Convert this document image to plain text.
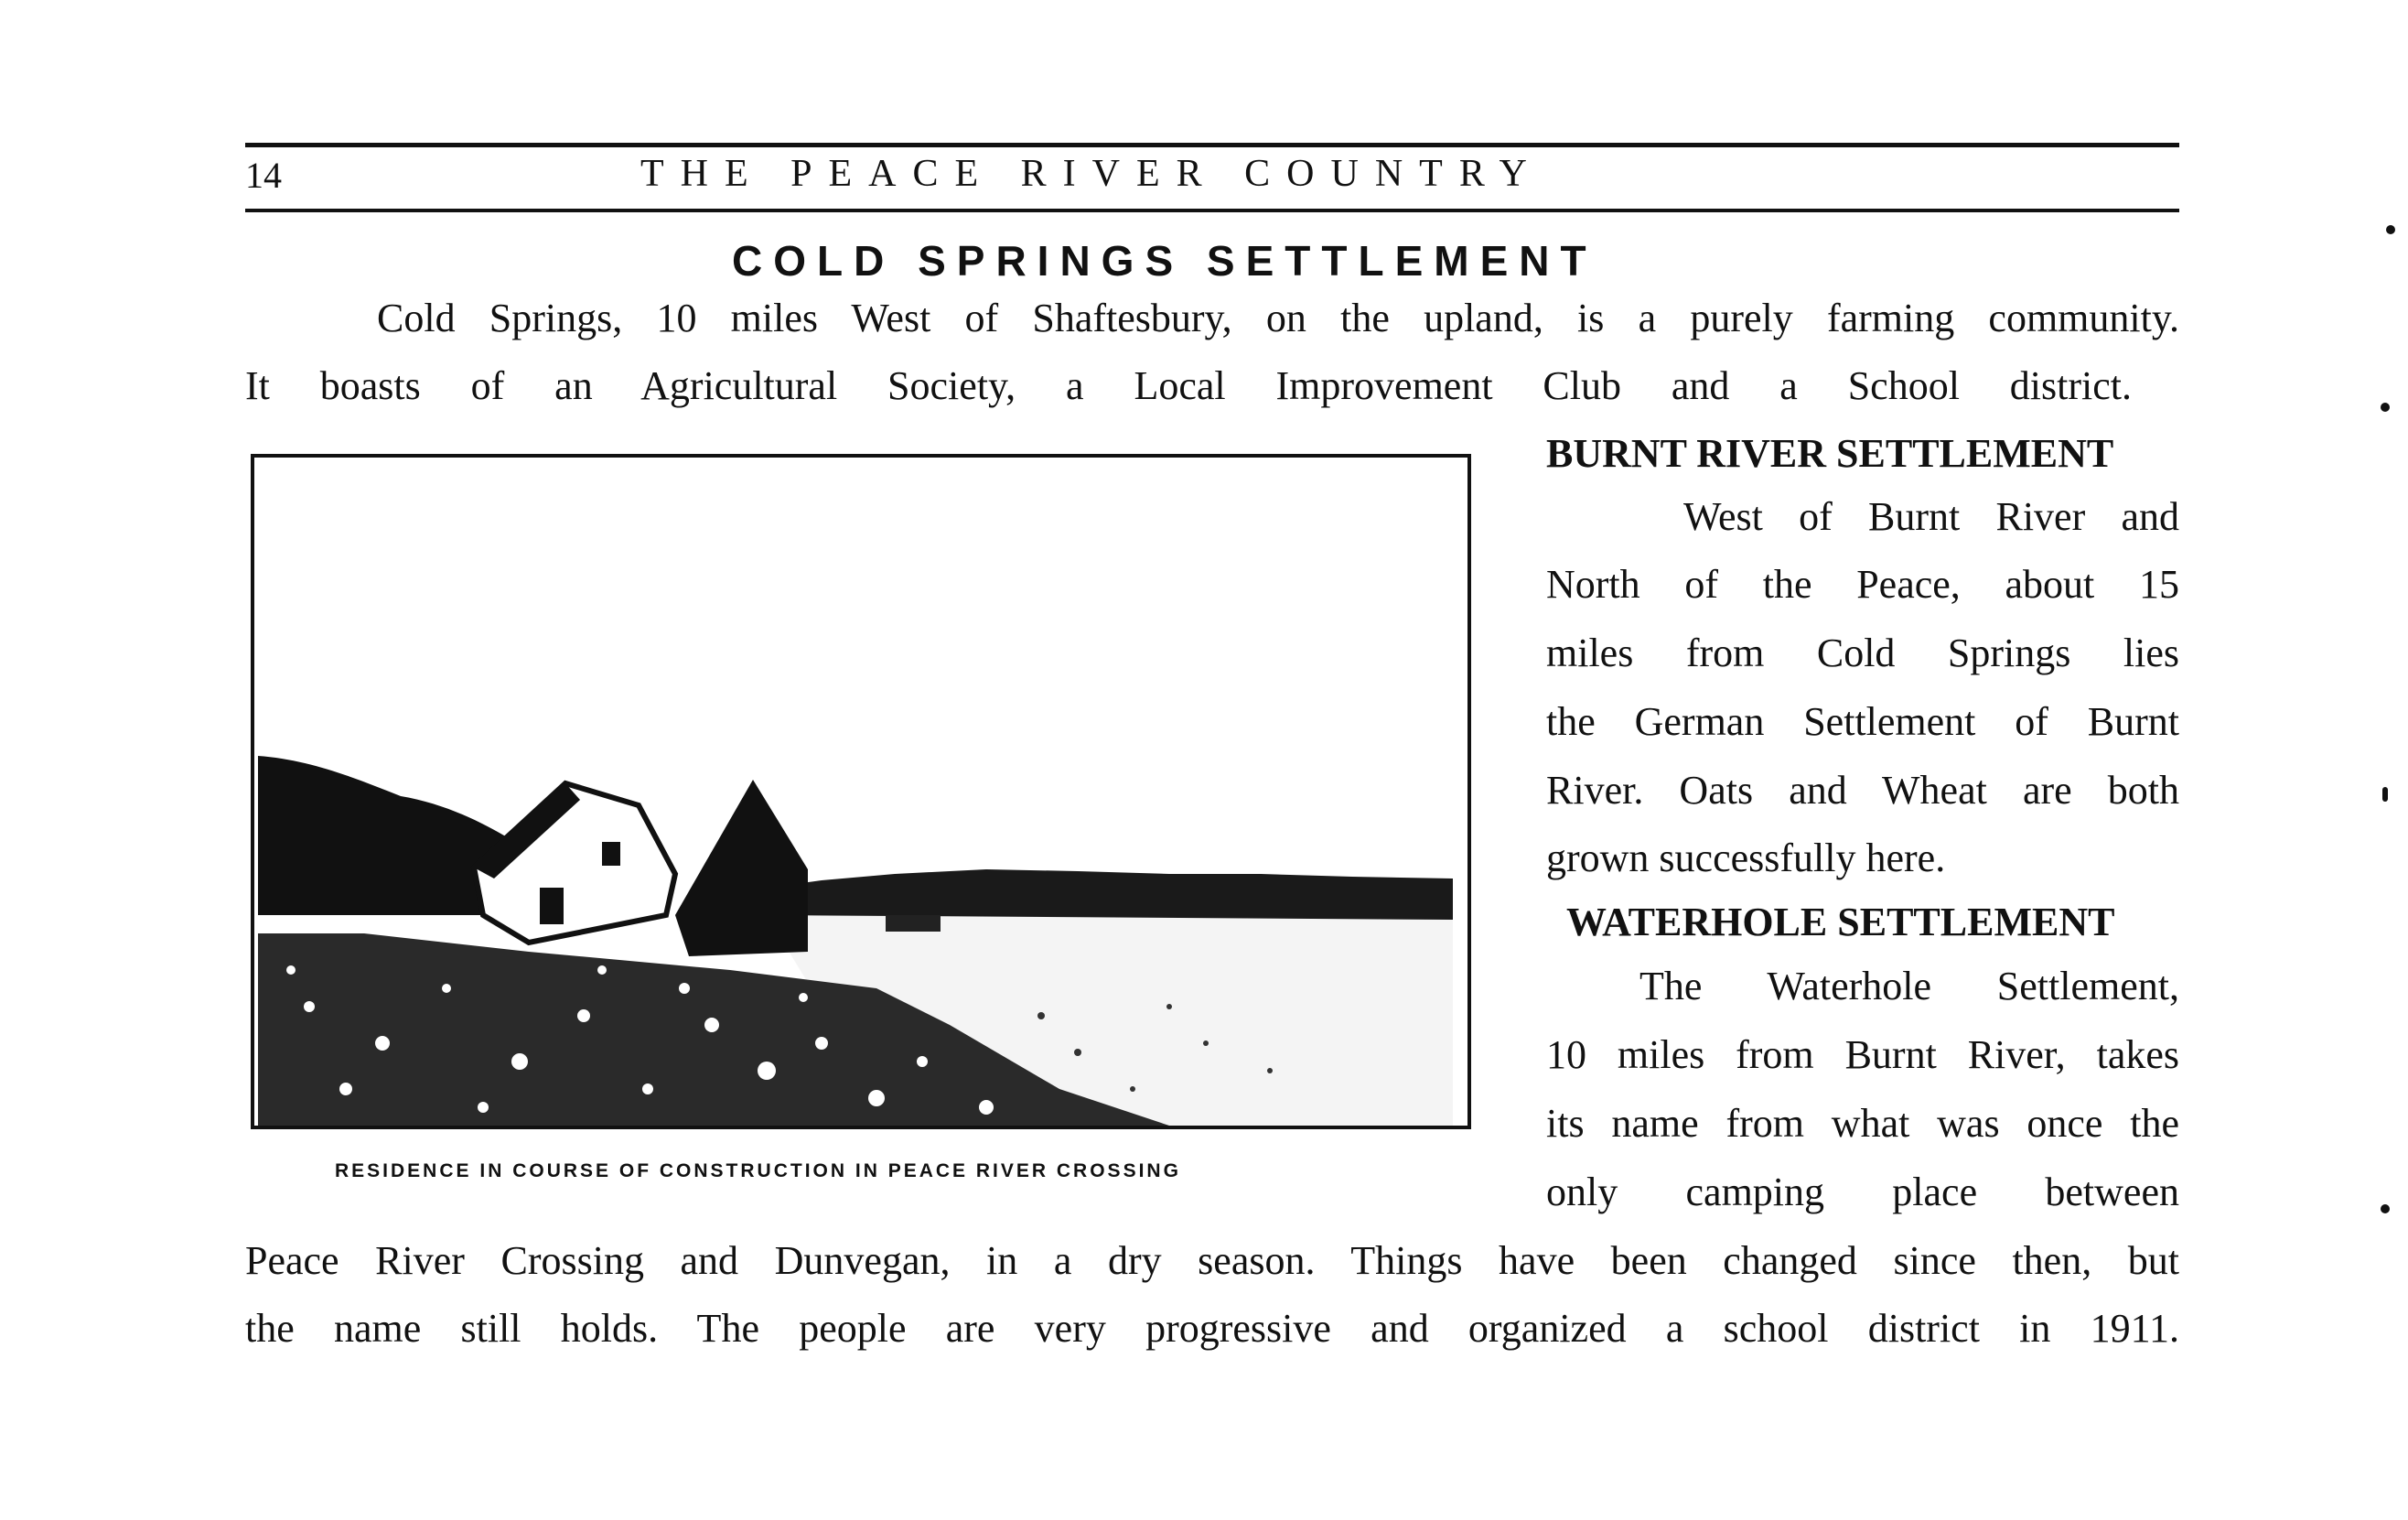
14	THE PEACE RIVER COUNTRY
COLD SPRINGS SETTLEMENT
Cold Springs, 10 miles West of Shaftesbury, on the upland, is a purely farming community.
It boasts of an Agricultural Society, a Local Improvement Club and a School district.
BURNT RIVER SETTLEMENT
West of Burnt River and
North of the Peace, about 15
miles from Cold Springs lies
the German Settlement of Burnt
River. Oats and Wheat are both
grown successfully here.
WATERHOLE SETTLEMENT
The Waterhole Settlement,
10 miles from Burnt River, takes
its name from what was once the
only camping place between
Peace River Crossing and Dunvegan, in a dry season. Things have been changed since then, but
the name still holds. The people are very progressive and organized a school district in 1911.
RESIDENCE IN COURSE OF CONSTRUCTION IN PEACE RIVER CROSSING
